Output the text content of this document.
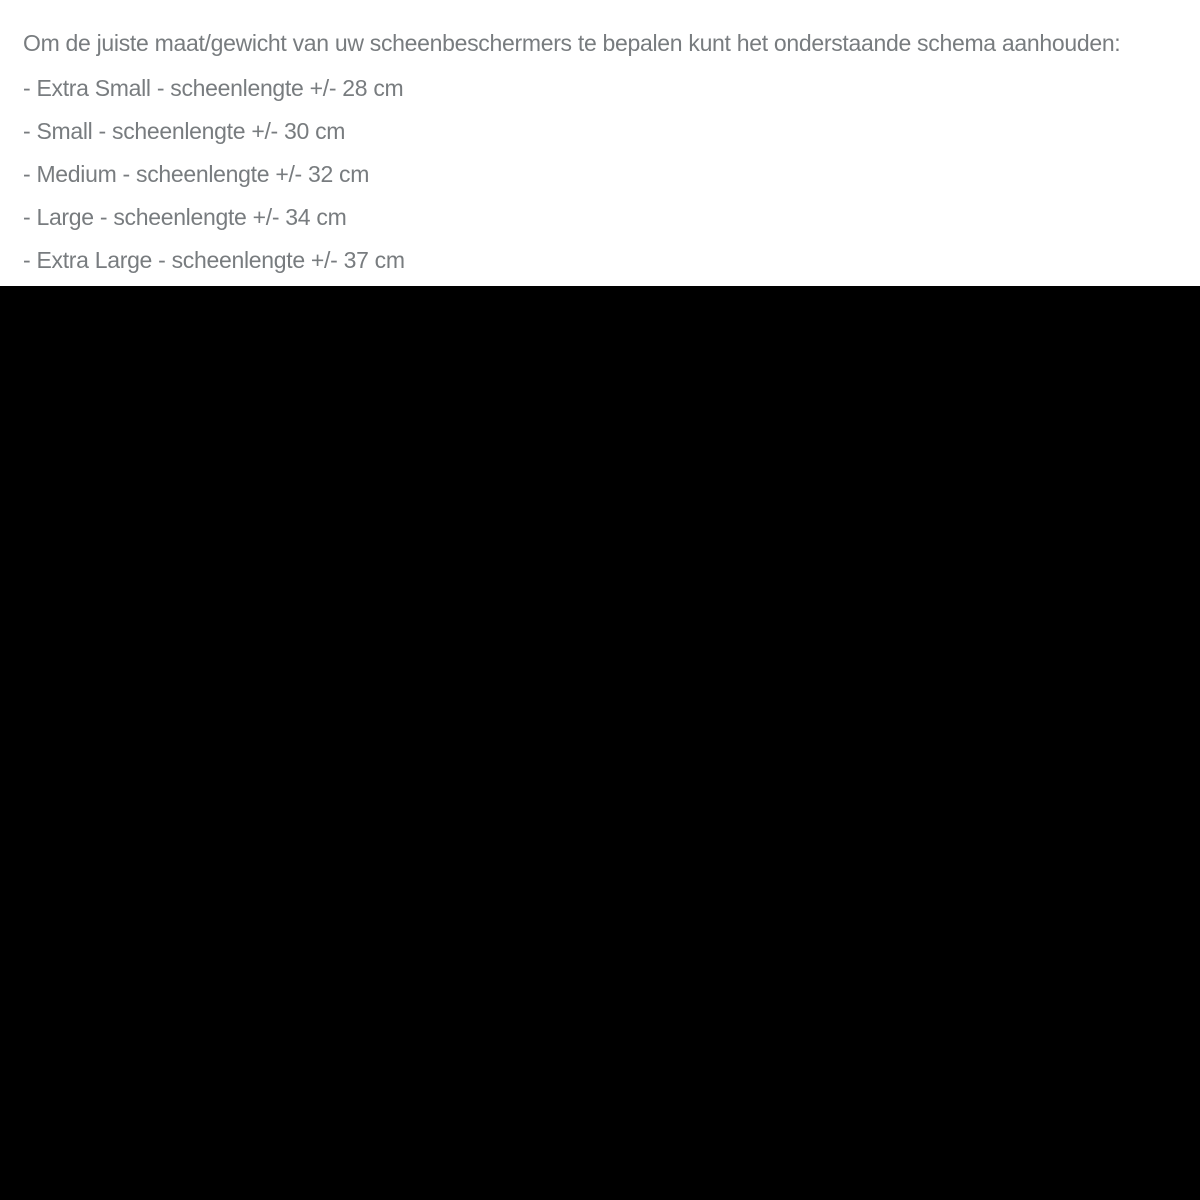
Om de juiste maat/gewicht van uw scheenbeschermers te bepalen kunt het onderstaande schema aanhouden:

- Extra Small - scheenlengte +/- 28 cm

- Small - scheenlengte +/- 30 cm

- Medium - scheenlengte +/- 32 cm

- Large - scheenlengte +/- 34 cm

- Extra Large - scheenlengte +/- 37 cm
